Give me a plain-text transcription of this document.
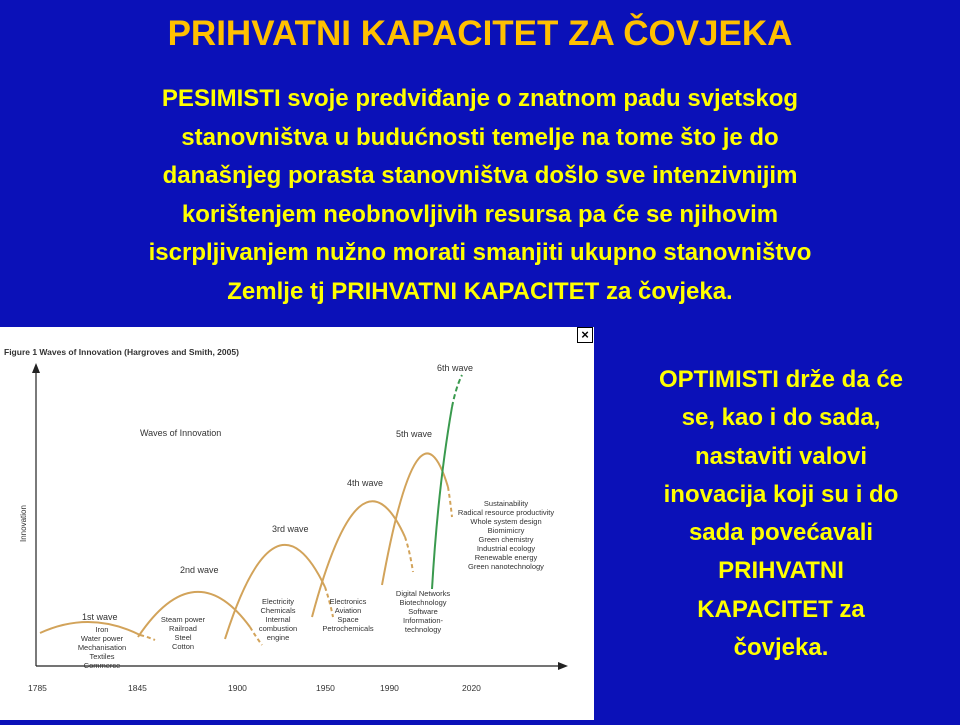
PRIHVATNI KAPACITET ZA ČOVJEKA
PESIMISTI svoje predviđanje o znatnom padu svjetskog
stanovništva u budućnosti temelje na tome što je do
današnjeg porasta stanovništva došlo sve intenzivnijim
korištenjem neobnovljivih resursa pa će se njihovim
iscrpljivanjem nužno morati smanjiti ukupno stanovništvo
Zemlje tj PRIHVATNI KAPACITET za čovjeka.
Figure 1 Waves of Innovation (Hargroves and Smith, 2005)
Innovation
Waves of Innovation
1785	1845	1900	1950	1990	2020
1st wave
2nd wave
3rd wave
4th wave
5th wave
6th wave
Iron
Water power
Mechanisation
Textiles
Commerce
Steam power
Railroad
Steel
Cotton
Electricity
Chemicals
Internal
combustion
engine
Electronics
Aviation
Space
Petrochemicals
Digital Networks
Biotechnology
Software
Information-
technology
Sustainability
Radical resource productivity
Whole system design
Biomimicry
Green chemistry
Industrial ecology
Renewable energy
Green nanotechnology
×
OPTIMISTI drže da će
se, kao i do sada,
nastaviti valovi
inovacija koji su i do
sada povećavali
PRIHVATNI
KAPACITET za
čovjeka.
